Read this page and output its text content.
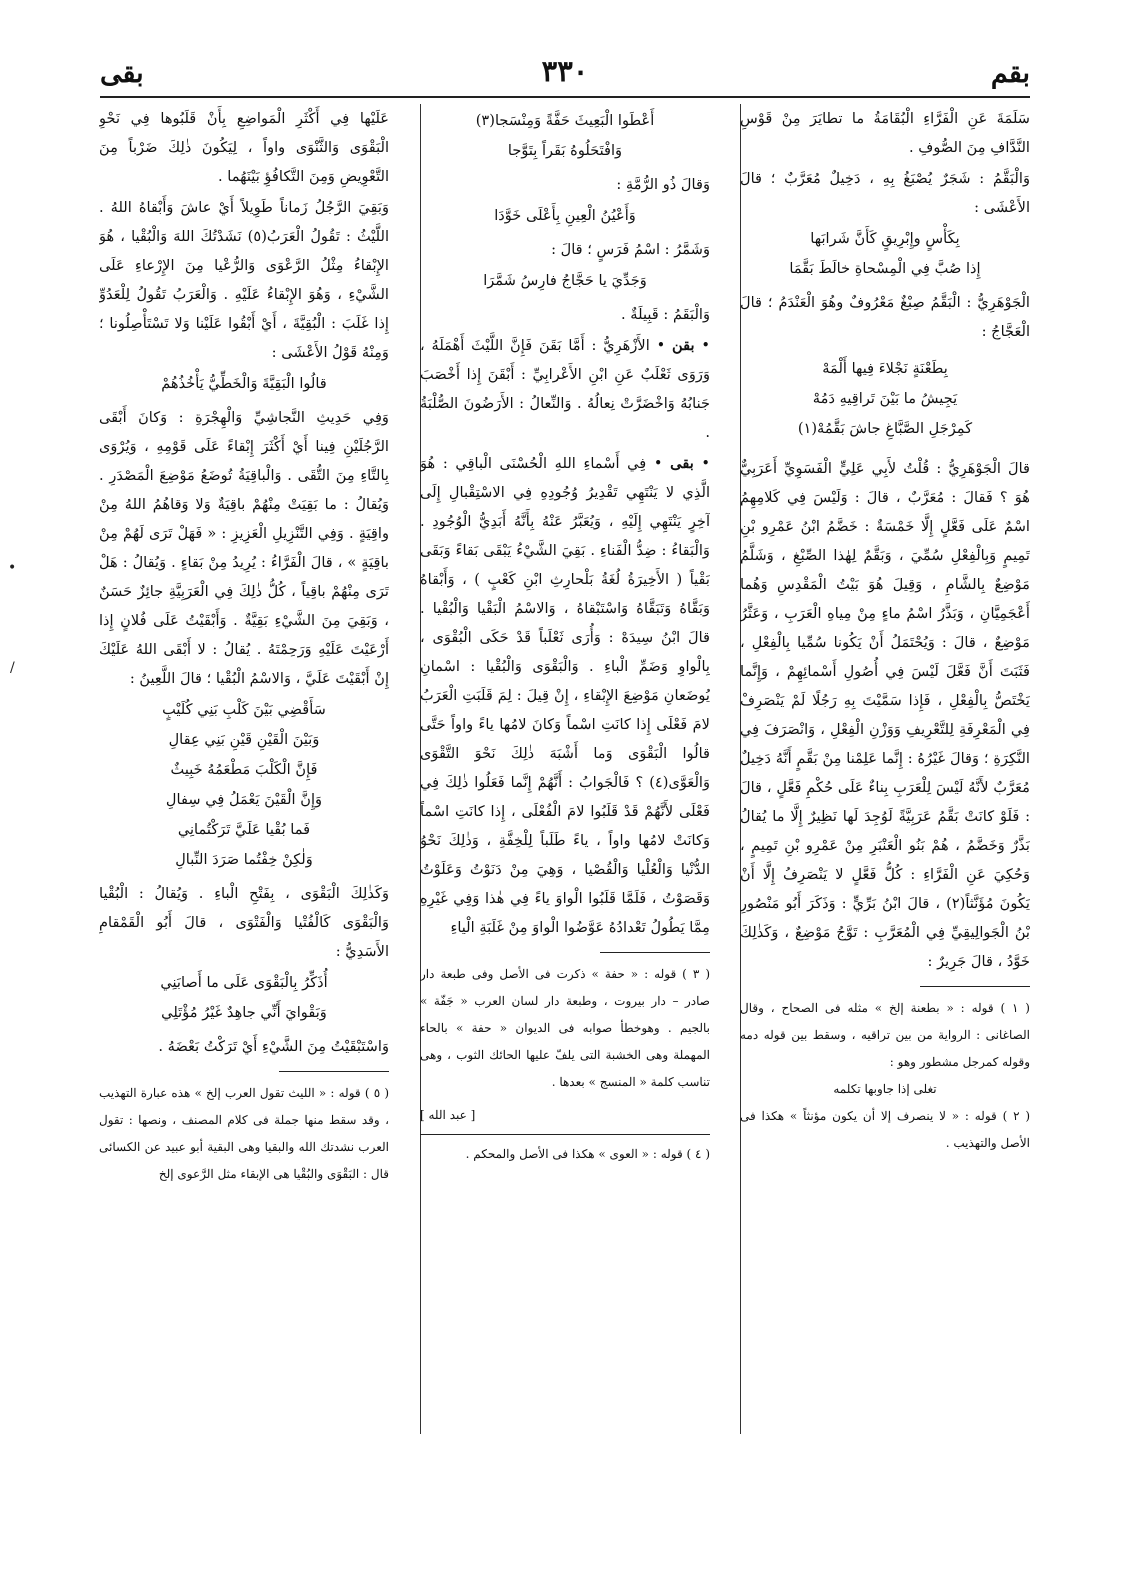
بقم
٣٣٠
بقى

سَلَمَةَ عَنِ الْفَرَّاءِ الْبُقَامَةُ ما تطايَرَ مِنْ قَوْسِ النَّدَّافِ مِنَ الصُّوفِ .

وَالْبَقَّمُ : شَجَرٌ يُصْبَغُ بِهِ ، دَخِيلٌ مُعَرَّبٌ ؛ قالَ الأَعْشَى :

بِكَأْسٍ وإِبْرِيقٍ كَأَنَّ شَرابَها
إِذا صُبَّ فِي الْمِسْحاةِ خالَطَ بَقَّمَا

الْجَوْهَرِيُّ : الْبَقَّمُ صِبْغٌ مَعْرُوفٌ وهُوَ الْعَنْدَمُ ؛ قالَ الْعَجَّاجُ :

بِطَعْنَةٍ نَجْلاءَ فِيها أَلْمَهْ
يَجِيشُ ما بَيْنَ تَراقِيهِ دَمُهْ
كَمِرْجَلِ الصَّبَّاغِ جاشَ بَقَّمُهْ(١)

قالَ الْجَوْهَرِيُّ : قُلْتُ لأَبِي عَلِيٍّ الْفَسَوِيِّ أَعَرَبِيٌّ هُوَ ؟ فَقالَ : مُعَرَّبٌ ، قالَ : وَلَيْسَ فِي كَلامِهِمُ اسْمٌ عَلَى فَعَّلٍ إِلَّا خَمْسَةٌ : خَضَّمُ ابْنُ عَمْرِو بْنِ تَمِيمٍ وَبِالْفِعْلِ سُمِّيَ ، وَبَقَّمٌ لِهٰذا الصِّبْغِ ، وَشَلَّمُ مَوْضِعٌ بِالشَّامِ ، وَقِيلَ هُوَ بَيْتُ الْمَقْدِسِ وَهُما أَعْجَمِيَّانِ ، وَبَذَّرُ اسْمُ ماءٍ مِنْ مِياهِ الْعَرَبِ ، وَعَثَّرُ مَوْضِعٌ ، قالَ : وَيُحْتَمَلُ أَنْ يَكُونا سُمِّيا بِالْفِعْلِ ، فَثَبَتَ أَنَّ فَعَّلَ لَيْسَ فِي أُصُولِ أَسْمائِهِمْ ، وَإِنَّما يَخْتَصُّ بِالْفِعْلِ ، فَإِذا سَمَّيْتَ بِهِ رَجُلًا لَمْ يَنْصَرِفْ فِي الْمَعْرِفَةِ لِلتَّعْرِيفِ وَوَزْنِ الْفِعْلِ ، وَانْصَرَفَ فِي النَّكِرَةِ ؛ وَقالَ غَيْرُهُ : إِنَّما عَلِمْنا مِنْ بَقَّمٍ أَنَّهُ دَخِيلٌ مُعَرَّبٌ لأَنَّهُ لَيْسَ لِلْعَرَبِ بِناءٌ عَلَى حُكْمِ فَعَّلٍ ، قالَ : فَلَوْ كانَتْ بَقَّمُ عَرَبِيَّةً لَوُجِدَ لَها نَظِيرٌ إِلَّا ما يُقالُ بَذَّرٌ وَخَضَّمُ ، هُمْ بَنُو الْعَنْبَرِ مِنْ عَمْرِو بْنِ تَمِيمٍ ، وَحُكِيَ عَنِ الْفَرَّاءِ : كُلُّ فَعَّلٍ لا يَنْصَرِفُ إِلَّا أَنْ يَكُونَ مُؤَنَّثاً(٢) ، قالَ ابْنُ بَرِّيٍّ : وَذَكَرَ أَبُو مَنْصُورِ بْنُ الْجَوالِيقِيِّ فِي الْمُعَرَّبِ : تَوَّجُ مَوْضِعٌ ، وَكَذٰلِكَ خَوَّدُ ، قالَ جَرِيرٌ :

( ١ ) قوله : « بطعنة إلخ » مثله فى الصحاح ، وقال الصاغانى : الرواية من بين تراقيه ، وسقط بين قوله دمه وقوله كمرجل مشطور وهو :

تغلى إذا جاوبها تكلمه

( ٢ ) قوله : « لا ينصرف إلا أن يكون مؤنثاً » هكذا فى الأصل والتهذيب .

أَعْطَوا الْبَعِيثَ حَفَّةً وَمِنْسَجا(٣)
وَافْتَحَلُوهُ بَقَراً بِتَوَّجا

وَقالَ ذُو الرُّمَّةِ :

وَأَعْيُنُ الْعِينِ بِأَعْلَى خَوَّدَا

وَشَمَّرُ : اسْمُ فَرَسٍ ؛ قالَ :

وَجَدِّيَ يا حَجَّاجُ فارِسُ شَمَّرَا

وَالْبَقَمُ : قَبِيلَةٌ .

• بقن • الأَزْهَرِيُّ : أَمَّا بَقَنَ فَإِنَّ اللَّيْثَ أَهْمَلَهُ ، وَرَوَى ثَعْلَبٌ عَنِ ابْنِ الأَعْرابِيِّ : أَبْقَنَ إِذا أَخْصَبَ جَنابُهُ وَاخْضَرَّتْ نِعالُهُ . وَالنِّعالُ : الأَرَضُونَ الصُّلْبَةُ .

• بقى • فِي أَسْماءِ اللهِ الْحُسْنَى الْباقِي : هُوَ الَّذِي لا يَنْتَهِي تَقْدِيرُ وُجُودِهِ فِي الاسْتِقْبالِ إِلَى آخِرٍ يَنْتَهِي إِلَيْهِ ، وَيُعَبَّرُ عَنْهُ بِأَنَّهُ أَبَدِيُّ الْوُجُودِ . وَالْبَقاءُ : ضِدُّ الْفَناءِ . بَقِيَ الشَّيْءُ يَبْقَى بَقاءً وَبَقَى بَقْياً ( الأَخِيرَةُ لُغَةُ بَلْحارِثِ ابْنِ كَعْبٍ ) ، وَأَبْقاهُ وَبَقَّاهُ وَتَبَقَّاهُ وَاسْتَبْقاهُ ، وَالاسْمُ الْبَقْيا وَالْبُقْيا . قالَ ابْنُ سِيدَهْ : وَأُرَى ثَعْلَباً قَدْ حَكَى الْبُقْوَى ، بِالْواوِ وَضَمِّ الْباءِ . وَالْبَقْوَى وَالْبُقْيا : اسْمانِ يُوضَعانِ مَوْضِعَ الإِبْقاءِ ، إِنْ قِيلَ : لِمَ قَلَبَتِ الْعَرَبُ لامَ فَعْلَى إِذا كانَتِ اسْماً وَكانَ لامُها ياءً واواً حَتَّى قالُوا الْبَقْوَى وَما أَشْبَهَ ذٰلِكَ نَحْوَ التَّقْوَى وَالْعَوَّى(٤) ؟ فَالْجَوابُ : أَنَّهُمْ إِنَّما فَعَلُوا ذٰلِكَ فِي فَعْلَى لأَنَّهُمْ قَدْ قَلَبُوا لامَ الْفُعْلَى ، إِذا كانَتِ اسْماً وَكانَتْ لامُها واواً ، ياءً طَلَباً لِلْخِفَّةِ ، وَذٰلِكَ نَحْوُ الدُّنْيا وَالْعُلْيا وَالْقُصْيا ، وَهِيَ مِنْ دَنَوْتُ وَعَلَوْتُ وَقَصَوْتُ ، فَلَمَّا قَلَبُوا الْواوَ ياءً فِي هٰذا وَفِي غَيْرِهِ مِمَّا يَطُولُ تَعْدادُهُ عَوَّضُوا الْواوَ مِنْ غَلَبَةِ الْياءِ

( ٣ ) قوله : « حفة » ذكرت فى الأصل وفى طبعة دار صادر – دار بيروت ، وطبعة دار لسان العرب « جَفّة » بالجيم . وهوخطأ صوابه فى الديوان « حفة » بالحاء المهملة وهى الخشبة التى يلفّ عليها الحائك الثوب ، وهى تناسب كلمة « المنسج » بعدها .

[ عبد الله ]

( ٤ ) قوله : « العوى » هكذا فى الأصل والمحكم .

عَلَيْها فِي أَكْثَرِ الْمَواضِعِ بِأَنْ قَلَبُوها فِي نَحْوِ الْبَقْوَى وَالثَّنْوَى واواً ، لِيَكُونَ ذٰلِكَ ضَرْباً مِنَ التَّعْوِيضِ وَمِنَ التَّكافُؤِ بَيْنَهُما .

وَبَقِيَ الرَّجُلُ زَماناً طَوِيلاً أَيْ عاشَ وَأَبْقاهُ اللهُ . اللَّيْثُ : تَقُولُ الْعَرَبُ(٥) نَشَدْتُكَ اللهَ وَالْبُقْيا ، هُوَ الإِبْقاءُ مِثْلُ الرَّعْوَى وَالرُّعْيا مِنَ الإِرْعاءِ عَلَى الشَّيْءِ ، وَهُوَ الإِبْقاءُ عَلَيْهِ . وَالْعَرَبُ تَقُولُ لِلْعَدُوِّ إِذا غَلَبَ : الْبُقِيَّةَ ، أَيْ أَبْقُوا عَلَيْنا وَلا تَسْتَأْصِلُونا ؛ وَمِنْهُ قَوْلُ الأَعْشَى :

قالُوا الْبَقِيَّةَ وَالْخَطِّيُّ يَأْخُذُهُمْ

وَفِي حَدِيثِ النَّجاشِيِّ وَالْهِجْرَةِ : وَكانَ أَبْقَى الرَّجُلَيْنِ فِينا أَيْ أَكْثَرَ إِبْقاءً عَلَى قَوْمِهِ ، وَيُرْوَى بِالتَّاءِ مِنَ التُّقَى . وَالْباقِيَةُ تُوضَعُ مَوْضِعَ الْمَصْدَرِ . وَيُقالُ : ما بَقِيَتْ مِنْهُمْ باقِيَةٌ وَلا وَقاهُمُ اللهُ مِنْ واقِيَةٍ . وَفِي التَّنْزِيلِ الْعَزِيزِ : « فَهَلْ تَرَى لَهُمْ مِنْ باقِيَةٍ » ، قالَ الْفَرَّاءُ : يُرِيدُ مِنْ بَقاءٍ . وَيُقالُ : هَلْ تَرَى مِنْهُمْ باقِياً ، كُلُّ ذٰلِكَ فِي الْعَرَبِيَّةِ جائِزٌ حَسَنٌ ، وَبَقِيَ مِنَ الشَّيْءِ بَقِيَّةٌ . وَأَبْقَيْتُ عَلَى فُلانٍ إِذا أَرْعَيْتَ عَلَيْهِ وَرَحِمْتَهُ . يُقالُ : لا أَبْقَى اللهُ عَلَيْكَ إِنْ أَبْقَيْتَ عَلَيَّ ، وَالاسْمُ الْبُقْيا ؛ قالَ اللَّعِينُ :

سَأَقْضِي بَيْنَ كَلْبِ بَنِي كُلَيْبٍ
وَبَيْنَ الْقَيْنِ قَيْنِ بَنِي عِقالِ
فَإِنَّ الْكَلْبَ مَطْعَمُهُ خَبِيثٌ
وَإِنَّ الْقَيْنَ يَعْمَلُ فِي سِفالِ
فَما بُقْيا عَلَيَّ تَرَكْتُمانِي
وَلٰكِنْ خِفْتُما صَرَدَ النِّبالِ

وَكَذٰلِكَ الْبَقْوَى ، بِفَتْحِ الْباءِ . وَيُقالُ : الْبُقْيا وَالْبَقْوَى كَالْفُتْيا وَالْفَتْوَى ، قالَ أَبُو الْقَمْقامِ الأَسَدِيُّ :

أُذَكِّرُ بِالْبَقْوَى عَلَى ما أَصابَنِي
وَبَقْوايَ أَنِّي جاهِدٌ غَيْرُ مُؤْتَلِي

وَاسْتَبْقَيْتُ مِنَ الشَّيْءِ أَيْ تَرَكْتُ بَعْضَهُ .

( ٥ ) قوله : « الليث تقول العرب إلخ » هذه عبارة التهذيب ، وقد سقط منها جملة فى كلام المصنف ، ونصها : تقول العرب نشدتك الله والبقيا وهى البقية أبو عبيد عن الكسائى قال : البَقْوَى والبُقْيا هى الإبقاء مثل الرَّعوى إلخ

•
/
